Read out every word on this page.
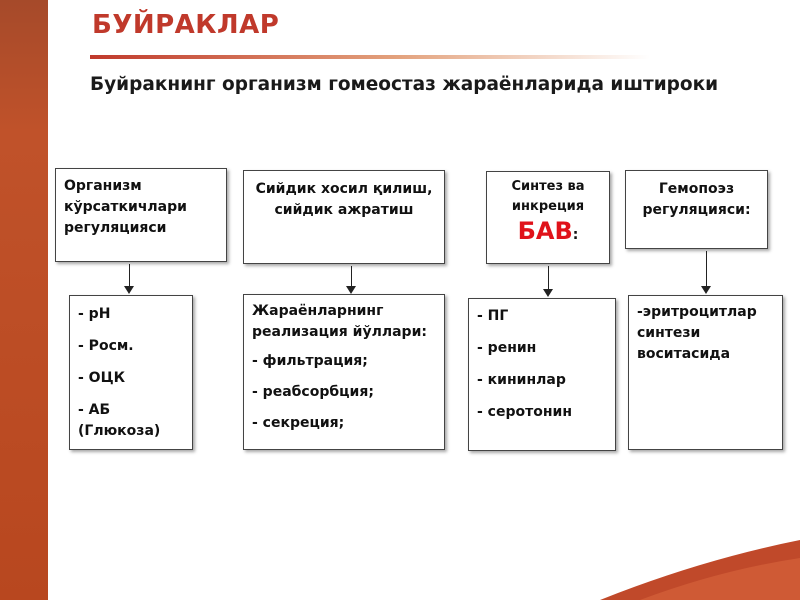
БУЙРАКЛАР
Буйракнинг организм гомеостаз жараёнларида иштироки
Организм
кўрсаткичлари
регуляцияси
Сийдик хосил қилиш,
сийдик ажратиш
Синтез ва
инкреция
БАВ:
Гемопоэз
регуляцияси:
- рН
- Росм.
- ОЦК
- АБ (Глюкоза)
Жараёнларнинг реализация йўллари:
- фильтрация;
- реабсорбция;
- секреция;
- ПГ
- ренин
- кининлар
- серотонин
-эритроцитлар синтези воситасида
